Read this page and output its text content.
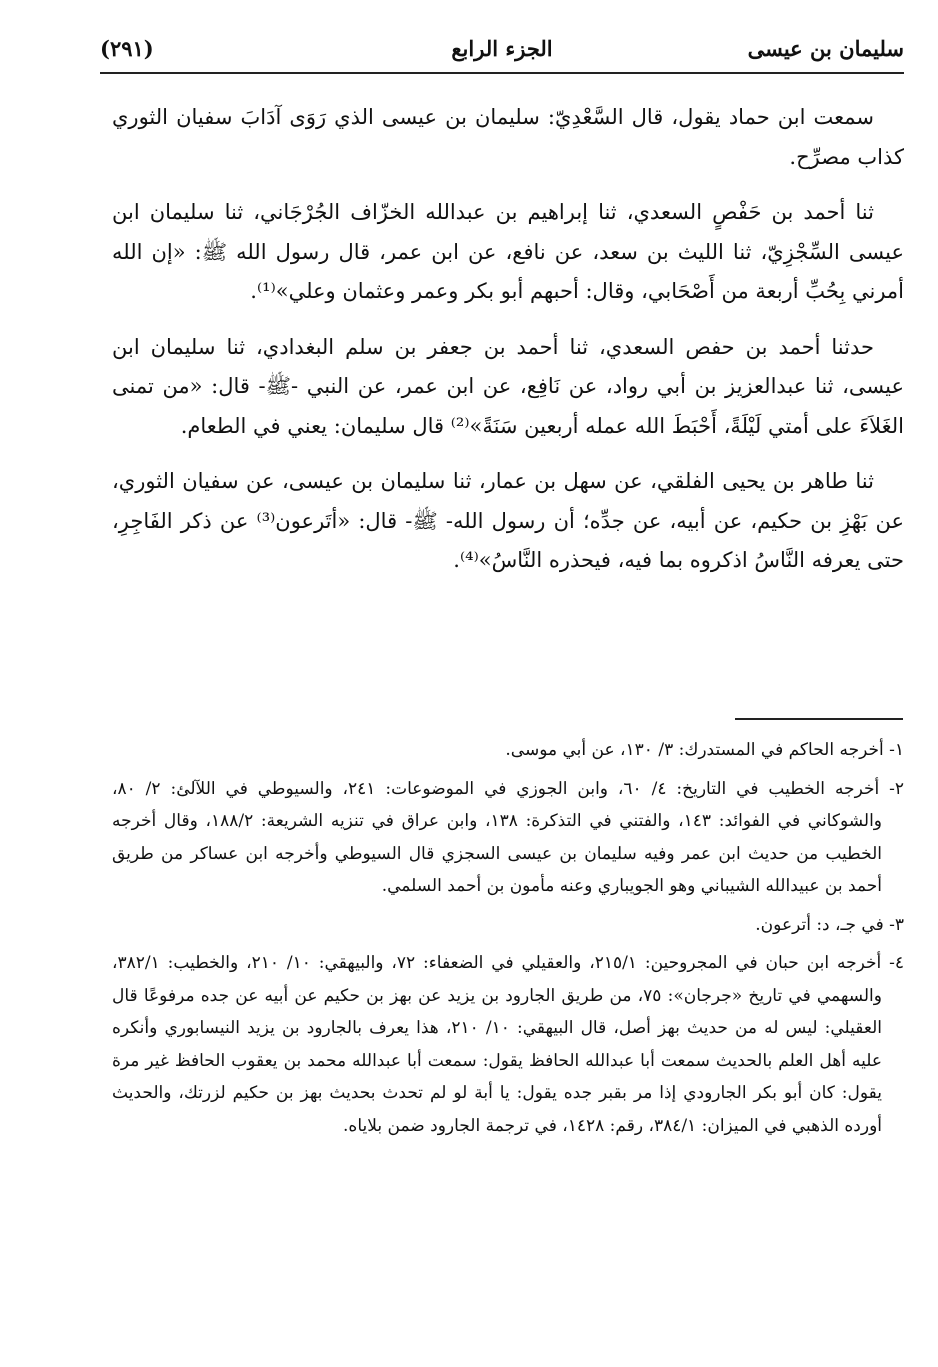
سليمان بن عيسى
الجزء الرابع
(٢٩١)

سمعت ابن حماد يقول، قال السَّعْدِيّ: سليمان بن عيسى الذي رَوَى آدَابَ سفيان الثوري كذاب مصرِّح.

ثنا أحمد بن حَفْصٍ السعدي، ثنا إبراهيم بن عبدالله الخزّاف الجُرْجَاني، ثنا سليمان ابن عيسى السِّجْزِيّ، ثنا الليث بن سعد، عن نافع، عن ابن عمر، قال رسول الله ﷺ: «إن الله أمرني بِحُبِّ أربعة من أَصْحَابي، وقال: أحبهم أبو بكر وعمر وعثمان وعلي»⁽¹⁾.

حدثنا أحمد بن حفص السعدي، ثنا أحمد بن جعفر بن سلم البغدادي، ثنا سليمان ابن عيسى، ثنا عبدالعزيز بن أبي رواد، عن نَافِع، عن ابن عمر، عن النبي -ﷺ- قال: «من تمنى الغَلاَءَ على أمتي لَيْلَةً، أَحْبَطَ الله عمله أربعين سَنَةً»⁽²⁾ قال سليمان: يعني في الطعام.

ثنا طاهر بن يحيى الفلقي، عن سهل بن عمار، ثنا سليمان بن عيسى، عن سفيان الثوري، عن بَهْزِ بن حكيم، عن أبيه، عن جدِّه؛ أن رسول الله- ﷺ- قال: «أتَرعون⁽³⁾ عن ذكر الفَاجِرِ، حتى يعرفه النَّاسُ اذكروه بما فيه، فيحذره النَّاسُ»⁽⁴⁾.

١- أخرجه الحاكم في المستدرك: ٣/ ١٣٠، عن أبي موسى.

٢- أخرجه الخطيب في التاريخ: ٤/ ٦٠، وابن الجوزي في الموضوعات: ٢٤١، والسيوطي في اللآلئ: ٢/ ٨٠، والشوكاني في الفوائد: ١٤٣، والفتني في التذكرة: ١٣٨، وابن عراق في تنزيه الشريعة: ١٨٨/٢، وقال أخرجه الخطيب من حديث ابن عمر وفيه سليمان بن عيسى السجزي قال السيوطي وأخرجه ابن عساكر من طريق أحمد بن عبيدالله الشيباني وهو الجويباري وعنه مأمون بن أحمد السلمي.

٣- في جـ، د: أترعون.

٤- أخرجه ابن حبان في المجروحين: ٢١٥/١، والعقيلي في الضعفاء: ٧٢، والبيهقي: ١٠/ ٢١٠، والخطيب: ٣٨٢/١، والسهمي في تاريخ «جرجان»: ٧٥، من طريق الجارود بن يزيد عن بهز بن حكيم عن أبيه عن جده مرفوعًا قال العقيلي: ليس له من حديث بهز أصل، قال البيهقي: ١٠/ ٢١٠، هذا يعرف بالجارود بن يزيد النيسابوري وأنكره عليه أهل العلم بالحديث سمعت أبا عبدالله الحافظ يقول: سمعت أبا عبدالله محمد بن يعقوب الحافظ غير مرة يقول: كان أبو بكر الجارودي إذا مر بقبر جده يقول: يا أبة لو لم تحدث بحديث بهز بن حكيم لزرتك، والحديث أورده الذهبي في الميزان: ٣٨٤/١، رقم: ١٤٢٨، في ترجمة الجارود ضمن بلاياه.
